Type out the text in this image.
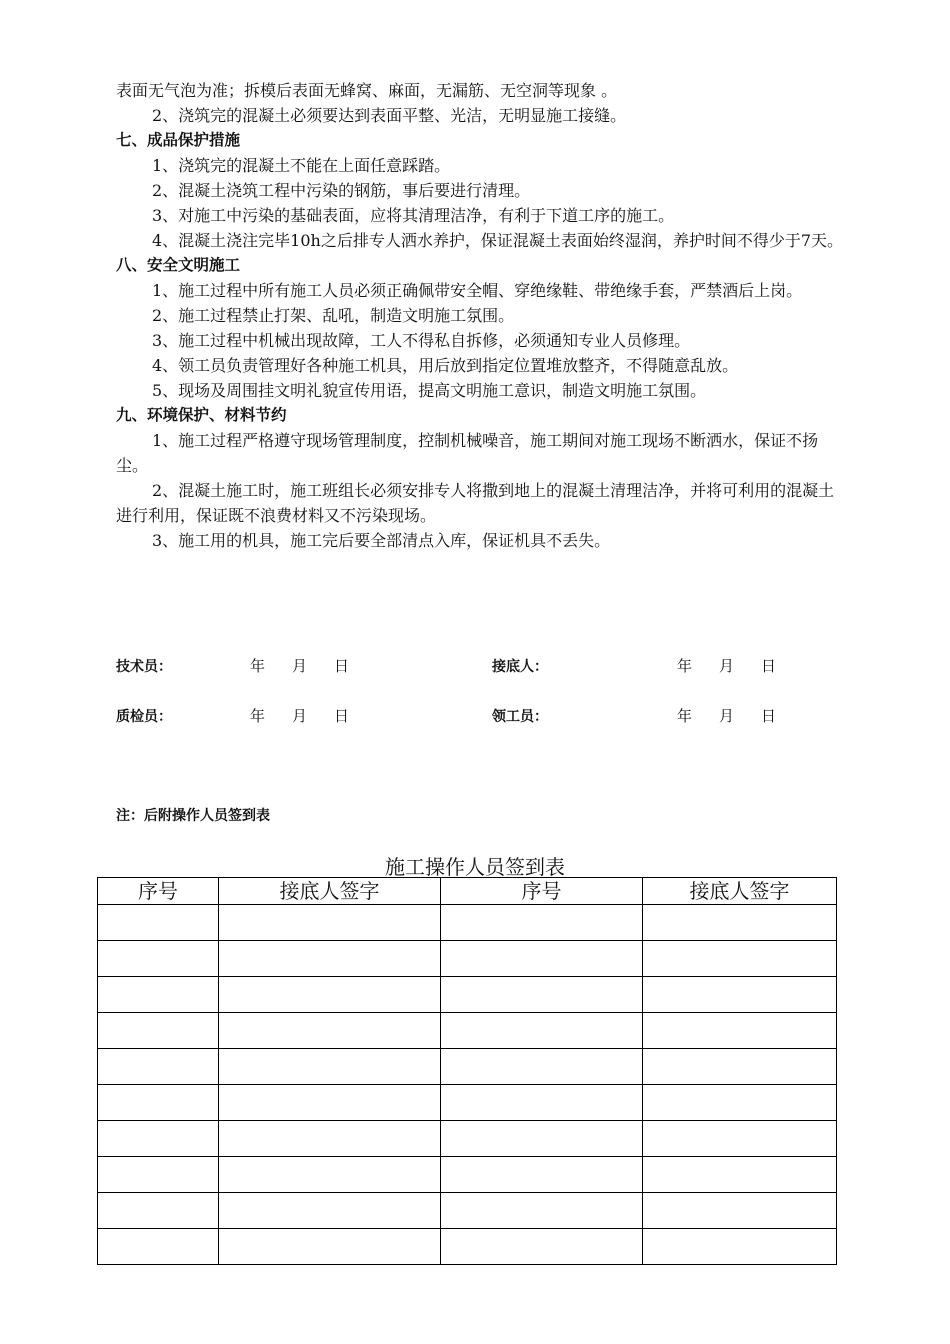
表面无气泡为准；拆模后表面无蜂窝、麻面，无漏筋、无空洞等现象 。
2、浇筑完的混凝土必须要达到表面平整、光洁，无明显施工接缝。
七、成品保护措施
1、浇筑完的混凝土不能在上面任意踩踏。
2、混凝土浇筑工程中污染的钢筋，事后要进行清理。
3、对施工中污染的基础表面，应将其清理洁净，有利于下道工序的施工。
4、混凝土浇注完毕10h之后排专人洒水养护，保证混凝土表面始终湿润，养护时间不得少于7天。
八、安全文明施工
1、施工过程中所有施工人员必须正确佩带安全帽、穿绝缘鞋、带绝缘手套，严禁酒后上岗。
2、施工过程禁止打架、乱吼，制造文明施工氛围。
3、施工过程中机械出现故障，工人不得私自拆修，必须通知专业人员修理。
4、领工员负责管理好各种施工机具，用后放到指定位置堆放整齐，不得随意乱放。
5、现场及周围挂文明礼貌宣传用语，提高文明施工意识，制造文明施工氛围。
九、环境保护、材料节约
1、施工过程严格遵守现场管理制度，控制机械噪音，施工期间对施工现场不断洒水，保证不扬尘。
2、混凝土施工时，施工班组长必须安排专人将撒到地上的混凝土清理洁净，并将可利用的混凝土进行利用，保证既不浪费材料又不污染现场。
3、施工用的机具，施工完后要全部清点入库，保证机具不丢失。
技术员：	年 月 日	接底人：	年 月 日
质检员：	年 月 日	领工员：	年 月 日
注：后附操作人员签到表
施工操作人员签到表
序号	接底人签字	序号	接底人签字
